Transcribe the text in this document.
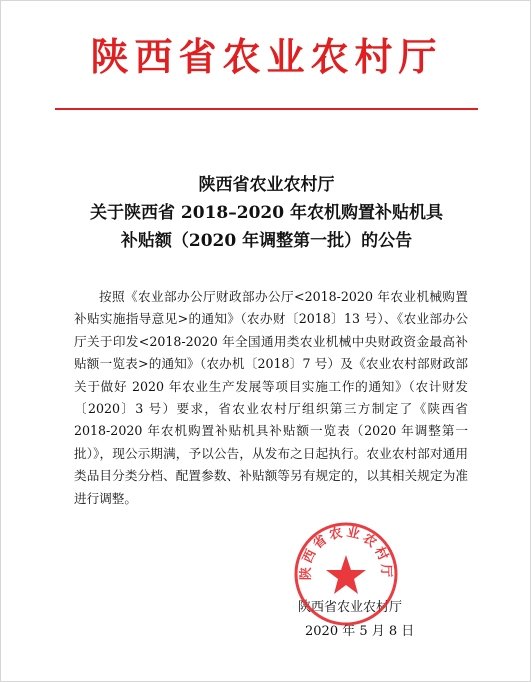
陕西省农业农村厅
陕西省农业农村厅
关于陕西省 2018–2020 年农机购置补贴机具
补贴额（2020 年调整第一批）的公告

按照《农业部办公厅财政部办公厅<2018-2020 年农业机械购置补贴实施指导意见>的通知》（农办财〔2018〕13 号）、《农业部办公厅关于印发<2018-2020 年全国通用类农业机械中央财政资金最高补贴额一览表>的通知》（农办机〔2018〕7 号）及《农业农村部财政部关于做好 2020 年农业生产发展等项目实施工作的通知》（农计财发〔2020〕3 号）要求，省农业农村厅组织第三方制定了《陕西省 2018-2020 年农机购置补贴机具补贴额一览表（2020 年调整第一批）》，现公示期满，予以公告，从发布之日起执行。农业农村部对通用类品目分类分档、配置参数、补贴额等另有规定的，以其相关规定为准进行调整。

陕西省农业农村厅
2020 年 5 月 8 日
陕西省农业农村厅
